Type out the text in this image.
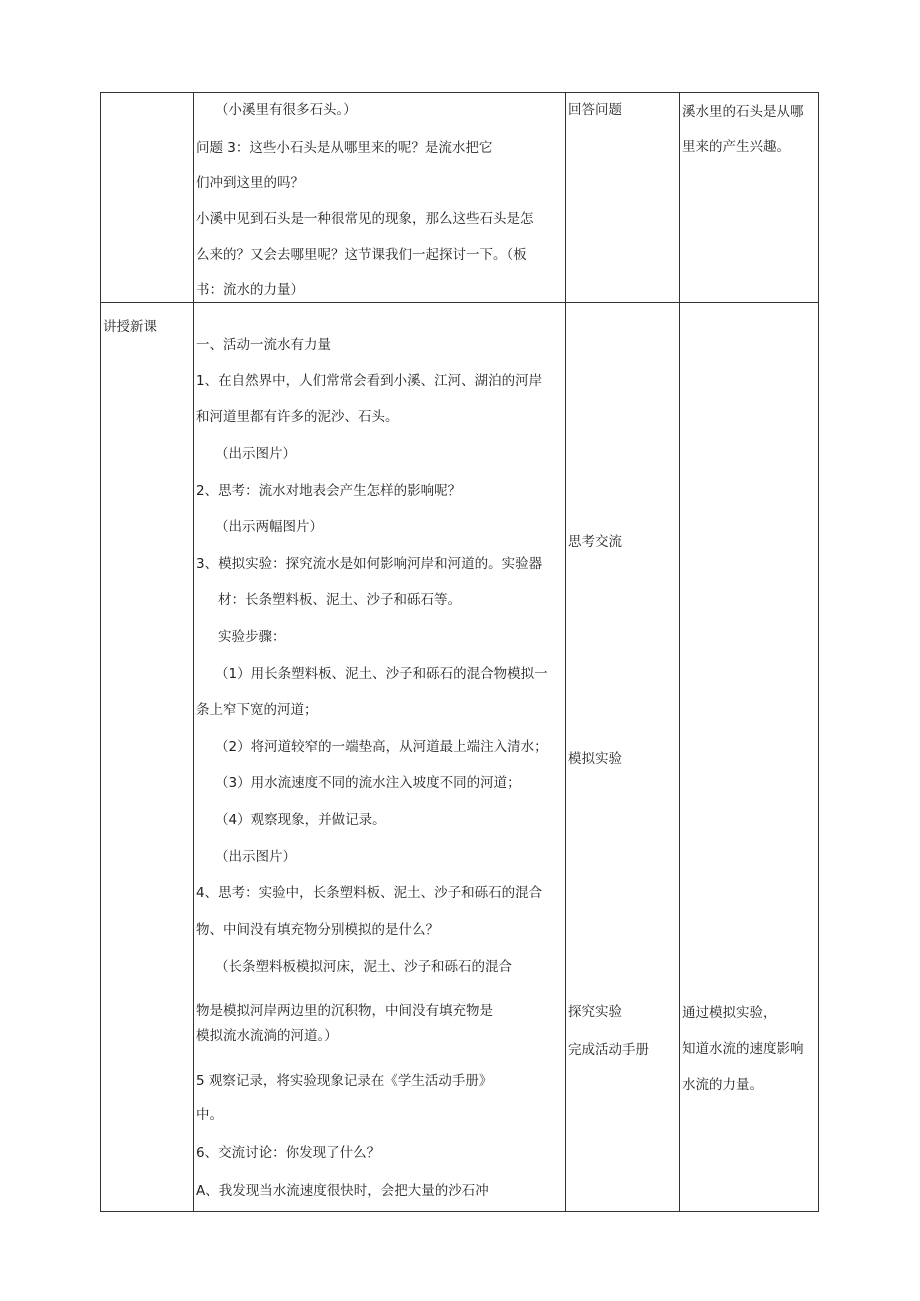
（小溪里有很多石头。）
问题 3：这些小石头是从哪里来的呢？是流水把它
们冲到这里的吗？
小溪中见到石头是一种很常见的现象，那么这些石头是怎
么来的？又会去哪里呢？这节课我们一起探讨一下。（板
书：流水的力量）
回答问题	溪水里的石头是从哪
里来的产生兴趣。
讲授新课
一、活动一流水有力量
1、在自然界中，人们常常会看到小溪、江河、湖泊的河岸
和河道里都有许多的泥沙、石头。
（出示图片）
2、思考：流水对地表会产生怎样的影响呢？
（出示两幅图片）
3、模拟实验：探究流水是如何影响河岸和河道的。实验器
材：长条塑料板、泥土、沙子和砾石等。
实验步骤：
（1）用长条塑料板、泥土、沙子和砾石的混合物模拟一
条上窄下宽的河道；
（2）将河道较窄的一端垫高，从河道最上端注入清水；
（3）用水流速度不同的流水注入坡度不同的河道；
（4）观察现象，并做记录。
（出示图片）
4、思考：实验中，长条塑料板、泥土、沙子和砾石的混合
物、中间没有填充物分别模拟的是什么？
（长条塑料板模拟河床，泥土、沙子和砾石的混合
物是模拟河岸两边里的沉积物，中间没有填充物是
模拟流水流淌的河道。）
5 观察记录，将实验现象记录在《学生活动手册》
中。
6、交流讨论：你发现了什么？
A、我发现当水流速度很快时，会把大量的沙石冲
思考交流
模拟实验
探究实验
完成活动手册
通过模拟实验，
知道水流的速度影响
水流的力量。
